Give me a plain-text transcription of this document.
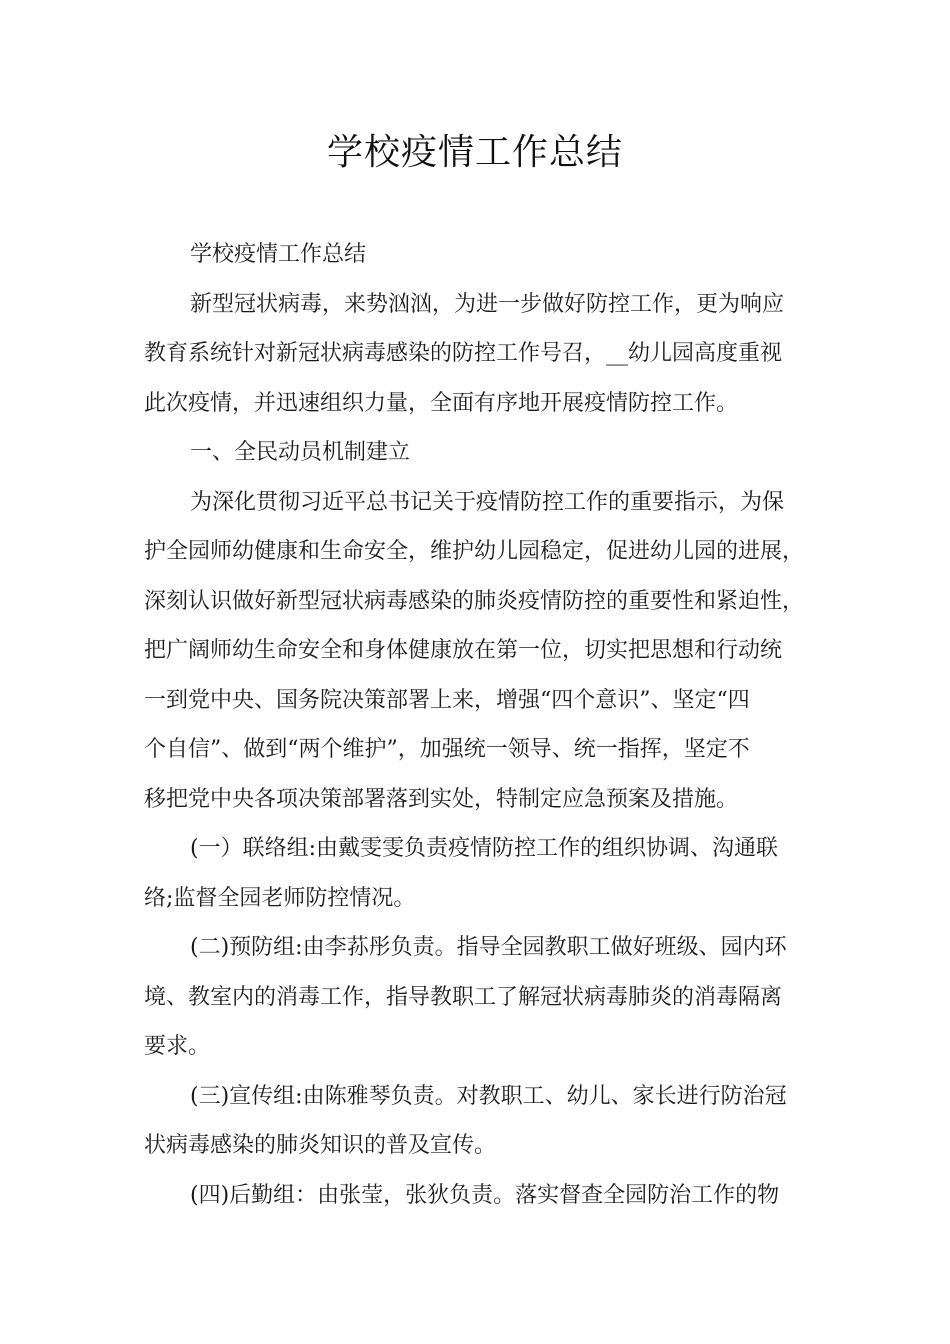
学校疫情工作总结
学校疫情工作总结
新型冠状病毒，来势汹汹，为进一步做好防控工作，更为响应
教育系统针对新冠状病毒感染的防控工作号召，__幼儿园高度重视
此次疫情，并迅速组织力量，全面有序地开展疫情防控工作。
一、全民动员机制建立
为深化贯彻习近平总书记关于疫情防控工作的重要指示，为保
护全园师幼健康和生命安全，维护幼儿园稳定，促进幼儿园的进展，
深刻认识做好新型冠状病毒感染的肺炎疫情防控的重要性和紧迫性，
把广阔师幼生命安全和身体健康放在第一位，切实把思想和行动统
一到党中央、国务院决策部署上来，增强“四个意识”、坚定“四
个自信”、做到“两个维护”，加强统一领导、统一指挥，坚定不
移把党中央各项决策部署落到实处，特制定应急预案及措施。
(一）联络组:由戴雯雯负责疫情防控工作的组织协调、沟通联
络;监督全园老师防控情况。
(二)预防组:由李荪彤负责。指导全园教职工做好班级、园内环
境、教室内的消毒工作，指导教职工了解冠状病毒肺炎的消毒隔离
要求。
(三)宣传组:由陈雅琴负责。对教职工、幼儿、家长进行防治冠
状病毒感染的肺炎知识的普及宣传。
(四)后勤组：由张莹，张狄负责。落实督查全园防治工作的物
